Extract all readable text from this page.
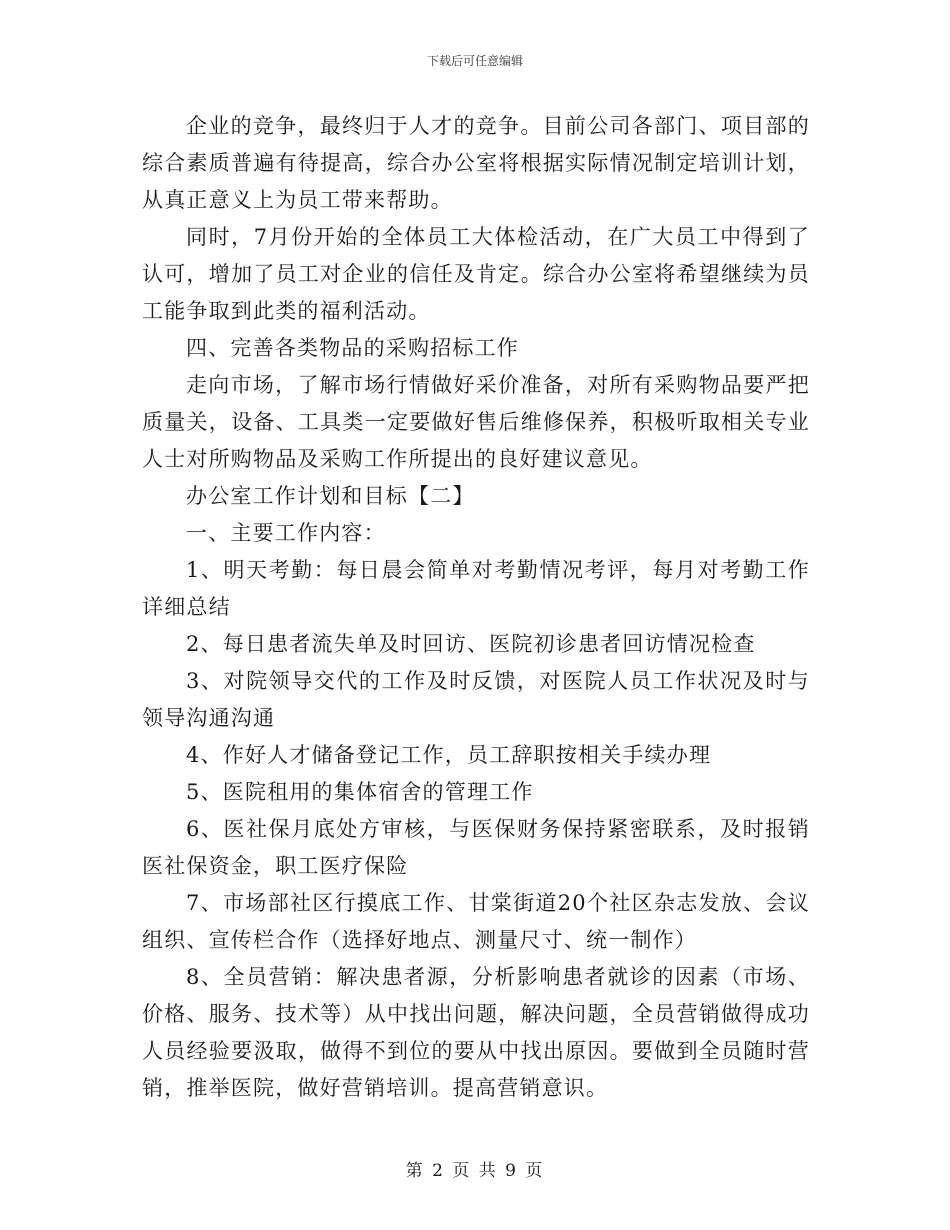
下载后可任意编辑

企业的竞争，最终归于人才的竞争。目前公司各部门、项目部的综合素质普遍有待提高，综合办公室将根据实际情况制定培训计划，从真正意义上为员工带来帮助。

同时，7月份开始的全体员工大体检活动，在广大员工中得到了认可，增加了员工对企业的信任及肯定。综合办公室将希望继续为员工能争取到此类的福利活动。

四、完善各类物品的采购招标工作

走向市场，了解市场行情做好采价准备，对所有采购物品要严把质量关，设备、工具类一定要做好售后维修保养，积极听取相关专业人士对所购物品及采购工作所提出的良好建议意见。

办公室工作计划和目标【二】

一、主要工作内容：

1、明天考勤：每日晨会简单对考勤情况考评，每月对考勤工作详细总结

2、每日患者流失单及时回访、医院初诊患者回访情况检查

3、对院领导交代的工作及时反馈，对医院人员工作状况及时与领导沟通沟通

4、作好人才储备登记工作，员工辞职按相关手续办理

5、医院租用的集体宿舍的管理工作

6、医社保月底处方审核，与医保财务保持紧密联系，及时报销医社保资金，职工医疗保险

7、市场部社区行摸底工作、甘棠街道20个社区杂志发放、会议组织、宣传栏合作（选择好地点、测量尺寸、统一制作）

8、全员营销：解决患者源，分析影响患者就诊的因素（市场、价格、服务、技术等）从中找出问题，解决问题，全员营销做得成功人员经验要汲取，做得不到位的要从中找出原因。要做到全员随时营销，推举医院，做好营销培训。提高营销意识。

第 2 页 共 9 页
